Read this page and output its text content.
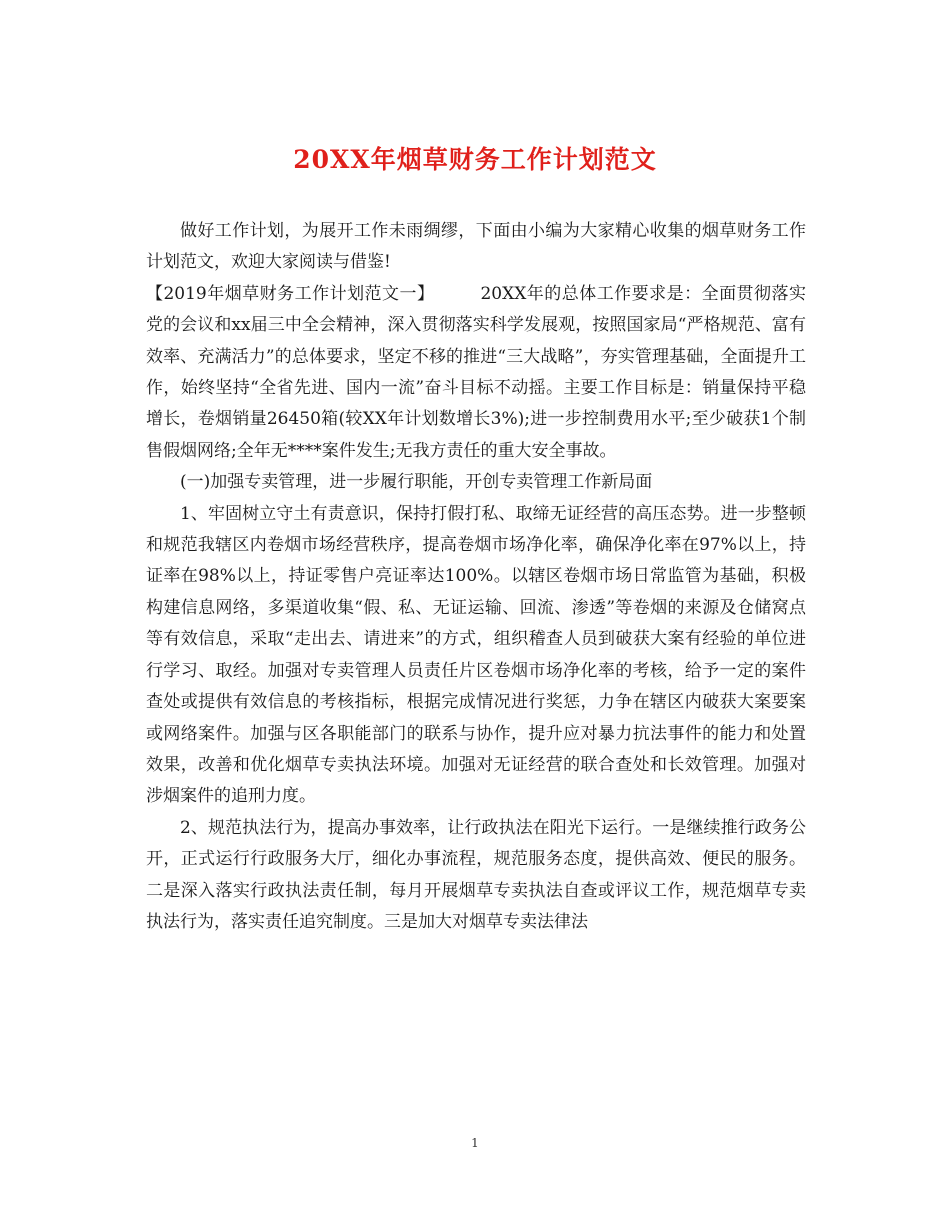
20XX年烟草财务工作计划范文

做好工作计划，为展开工作未雨绸缪，下面由小编为大家精心收集的烟草财务工作计划范文，欢迎大家阅读与借鉴!

【2019年烟草财务工作计划范文一】	20XX年的总体工作要求是：全面贯彻落实党的会议和xx届三中全会精神，深入贯彻落实科学发展观，按照国家局“严格规范、富有效率、充满活力”的总体要求，坚定不移的推进“三大战略”，夯实管理基础，全面提升工作，始终坚持“全省先进、国内一流”奋斗目标不动摇。主要工作目标是：销量保持平稳增长，卷烟销量26450箱(较XX年计划数增长3%);进一步控制费用水平;至少破获1个制售假烟网络;全年无****案件发生;无我方责任的重大安全事故。

(一)加强专卖管理，进一步履行职能，开创专卖管理工作新局面

1、牢固树立守土有责意识，保持打假打私、取缔无证经营的高压态势。进一步整顿和规范我辖区内卷烟市场经营秩序，提高卷烟市场净化率，确保净化率在97%以上，持证率在98%以上，持证零售户亮证率达100%。以辖区卷烟市场日常监管为基础，积极构建信息网络，多渠道收集“假、私、无证运输、回流、渗透”等卷烟的来源及仓储窝点等有效信息，采取“走出去、请进来”的方式，组织稽查人员到破获大案有经验的单位进行学习、取经。加强对专卖管理人员责任片区卷烟市场净化率的考核，给予一定的案件查处或提供有效信息的考核指标，根据完成情况进行奖惩，力争在辖区内破获大案要案或网络案件。加强与区各职能部门的联系与协作，提升应对暴力抗法事件的能力和处置效果，改善和优化烟草专卖执法环境。加强对无证经营的联合查处和长效管理。加强对涉烟案件的追刑力度。

2、规范执法行为，提高办事效率，让行政执法在阳光下运行。一是继续推行政务公开，正式运行行政服务大厅，细化办事流程，规范服务态度，提供高效、便民的服务。二是深入落实行政执法责任制，每月开展烟草专卖执法自查或评议工作，规范烟草专卖执法行为，落实责任追究制度。三是加大对烟草专卖法律法

1
